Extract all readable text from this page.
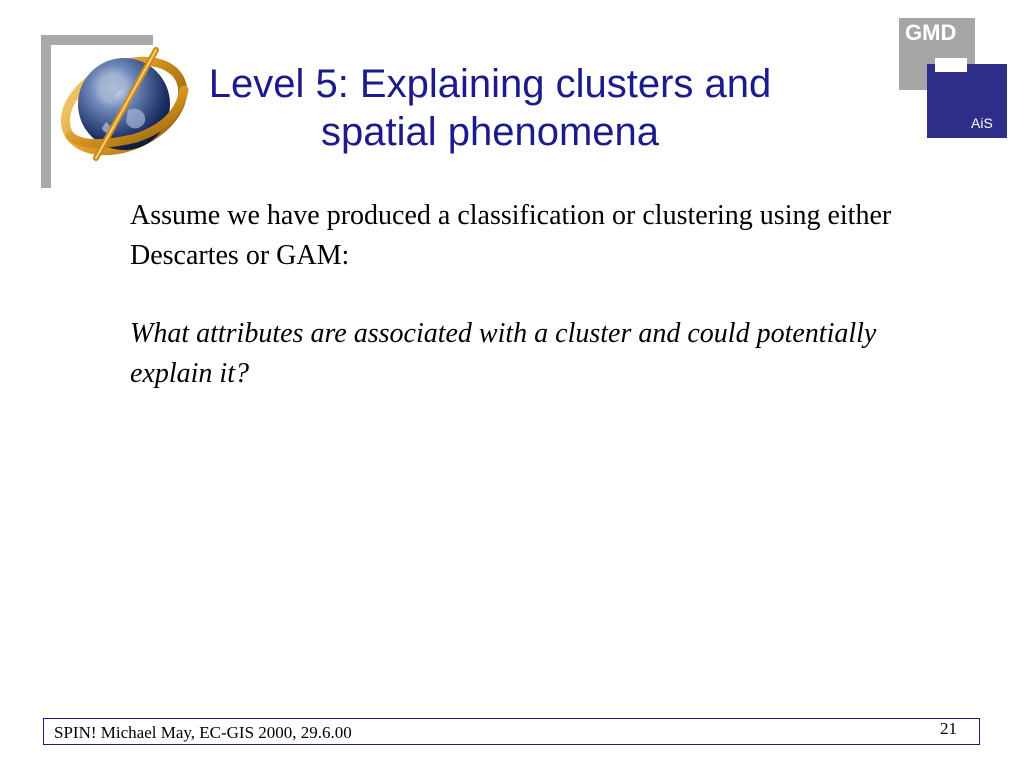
Level 5: Explaining clusters and
spatial phenomena
GMD
AiS

Assume we have produced a classification or clustering using either Descartes or GAM:

What attributes are associated with a cluster and could potentially explain it?

SPIN! Michael May, EC-GIS 2000, 29.6.00	21
